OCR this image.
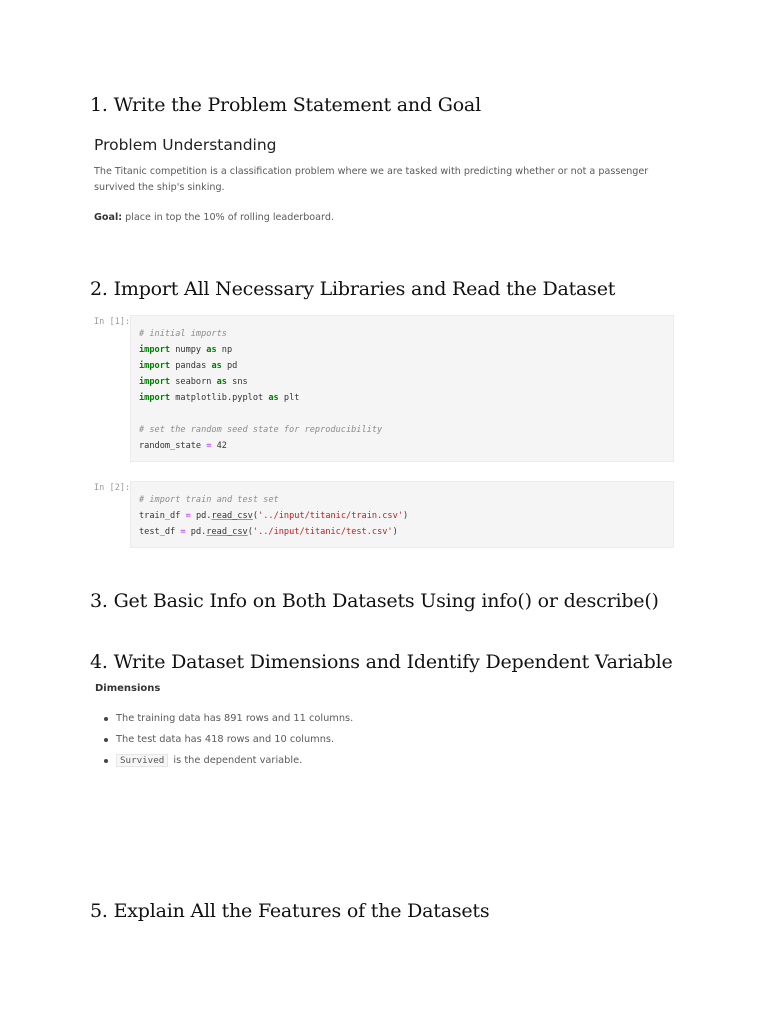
1. Write the Problem Statement and Goal
Problem Understanding

The Titanic competition is a classification problem where we are tasked with predicting whether or not a passenger survived the ship's sinking.

Goal: place in top the 10% of rolling leaderboard.

2. Import All Necessary Libraries and Read the Dataset
In [1]:
# initial imports
import numpy as np
import pandas as pd
import seaborn as sns
import matplotlib.pyplot as plt
# set the random seed state for reproducibility
random_state = 42
In [2]:
# import train and test set
train_df = pd.read_csv('../input/titanic/train.csv')
test_df = pd.read_csv('../input/titanic/test.csv')
3. Get Basic Info on Both Datasets Using info() or describe()
4. Write Dataset Dimensions and Identify Dependent Variable
Dimensions
The training data has 891 rows and 11 columns.
The test data has 418 rows and 10 columns.
Survived is the dependent variable.
5. Explain All the Features of the Datasets
